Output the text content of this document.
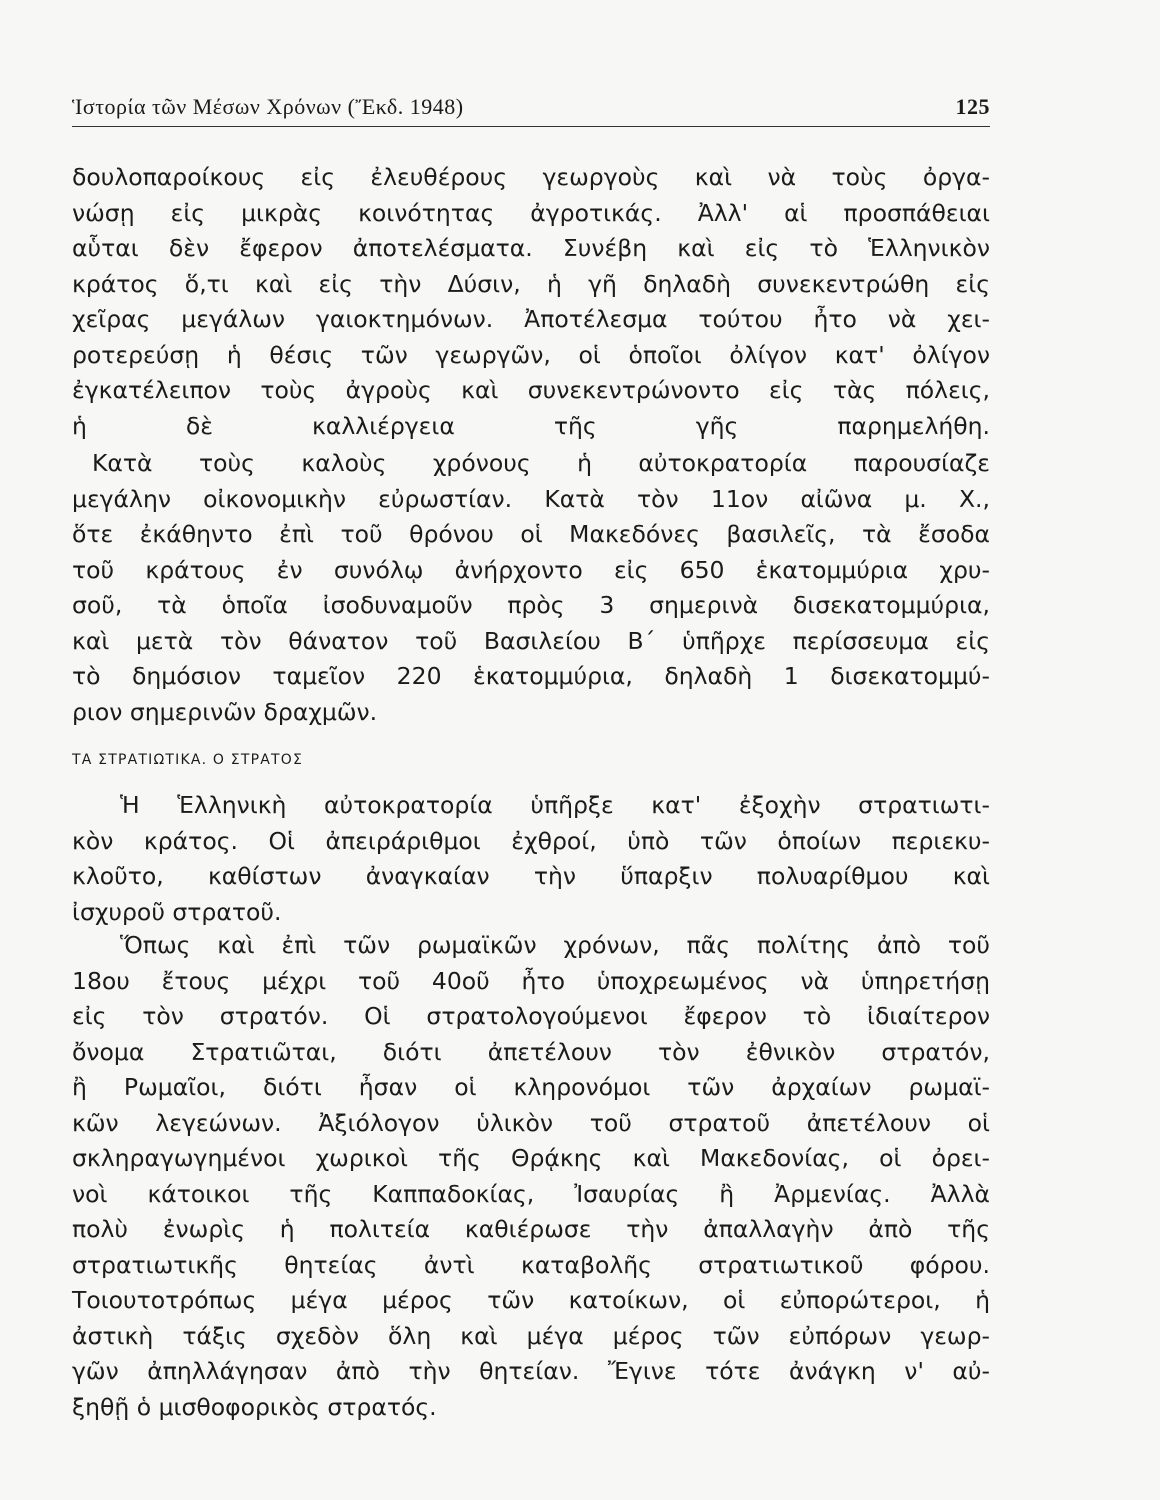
Ἱστορία τῶν Μέσων Χρόνων (Ἔκδ. 1948)	125
δουλοπαροίκους εἰς ἐλευθέρους γεωργοὺς καὶ νὰ τοὺς ὀργα-
νώσῃ εἰς μικρὰς κοινότητας ἀγροτικάς. Ἀλλ' αἱ προσπάθειαι
αὗται δὲν ἔφερον ἀποτελέσματα. Συνέβη καὶ εἰς τὸ Ἑλληνικὸν
κράτος ὅ,τι καὶ εἰς τὴν Δύσιν, ἡ γῆ δηλαδὴ συνεκεντρώθη εἰς
χεῖρας μεγάλων γαιοκτημόνων. Ἀποτέλεσμα τούτου ἦτο νὰ χει-
ροτερεύσῃ ἡ θέσις τῶν γεωργῶν, οἱ ὁποῖοι ὀλίγον κατ' ὀλίγον
ἐγκατέλειπον τοὺς ἀγροὺς καὶ συνεκεντρώνοντο εἰς τὰς πόλεις,
ἡ δὲ καλλιέργεια τῆς γῆς παρημελήθη.
Κατὰ τοὺς καλοὺς χρόνους ἡ αὐτοκρατορία παρουσίαζε
μεγάλην οἰκονομικὴν εὐρωστίαν. Κατὰ τὸν 11ον αἰῶνα μ. Χ.,
ὅτε ἐκάθηντο ἐπὶ τοῦ θρόνου οἱ Μακεδόνες βασιλεῖς, τὰ ἔσοδα
τοῦ κράτους ἐν συνόλῳ ἀνήρχοντο εἰς 650 ἑκατομμύρια χρυ-
σοῦ, τὰ ὁποῖα ἰσοδυναμοῦν πρὸς 3 σημερινὰ δισεκατομμύρια,
καὶ μετὰ τὸν θάνατον τοῦ Βασιλείου Β΄ ὑπῆρχε περίσσευμα εἰς
τὸ δημόσιον ταμεῖον 220 ἑκατομμύρια, δηλαδὴ 1 δισεκατομμύ-
ριον σημερινῶν δραχμῶν.
Ἡ Ἑλληνικὴ αὐτοκρατορία ὑπῆρξε κατ' ἐξοχὴν στρατιωτι-
κὸν κράτος. Οἱ ἀπειράριθμοι ἐχθροί, ὑπὸ τῶν ὁποίων περιεκυ-
κλοῦτο, καθίστων ἀναγκαίαν τὴν ὕπαρξιν πολυαρίθμου καὶ
ἰσχυροῦ στρατοῦ.
Ὅπως καὶ ἐπὶ τῶν ρωμαϊκῶν χρόνων, πᾶς πολίτης ἀπὸ τοῦ
18ου ἔτους μέχρι τοῦ 40οῦ ἦτο ὑποχρεωμένος νὰ ὑπηρετήσῃ
εἰς τὸν στρατόν. Οἱ στρατολογούμενοι ἔφερον τὸ ἰδιαίτερον
ὄνομα Στρατιῶται, διότι ἀπετέλουν τὸν ἐθνικὸν στρατόν,
ἢ Ρωμαῖοι, διότι ἦσαν οἱ κληρονόμοι τῶν ἀρχαίων ρωμαϊ-
κῶν λεγεώνων. Ἀξιόλογον ὑλικὸν τοῦ στρατοῦ ἀπετέλουν οἱ
σκληραγωγημένοι χωρικοὶ τῆς Θρᾴκης καὶ Μακεδονίας, οἱ ὀρει-
νοὶ κάτοικοι τῆς Καππαδοκίας, Ἰσαυρίας ἢ Ἀρμενίας. Ἀλλὰ
πολὺ ἐνωρὶς ἡ πολιτεία καθιέρωσε τὴν ἀπαλλαγὴν ἀπὸ τῆς
στρατιωτικῆς θητείας ἀντὶ καταβολῆς στρατιωτικοῦ φόρου.
Τοιουτοτρόπως μέγα μέρος τῶν κατοίκων, οἱ εὐπορώτεροι, ἡ
ἀστικὴ τάξις σχεδὸν ὅλη καὶ μέγα μέρος τῶν εὐπόρων γεωρ-
γῶν ἀπηλλάγησαν ἀπὸ τὴν θητείαν. Ἔγινε τότε ἀνάγκη ν' αὐ-
ξηθῇ ὁ μισθοφορικὸς στρατός.
ΤΑ ΣΤΡΑΤΙΩΤΙΚΑ. Ο ΣΤΡΑΤΟΣ
